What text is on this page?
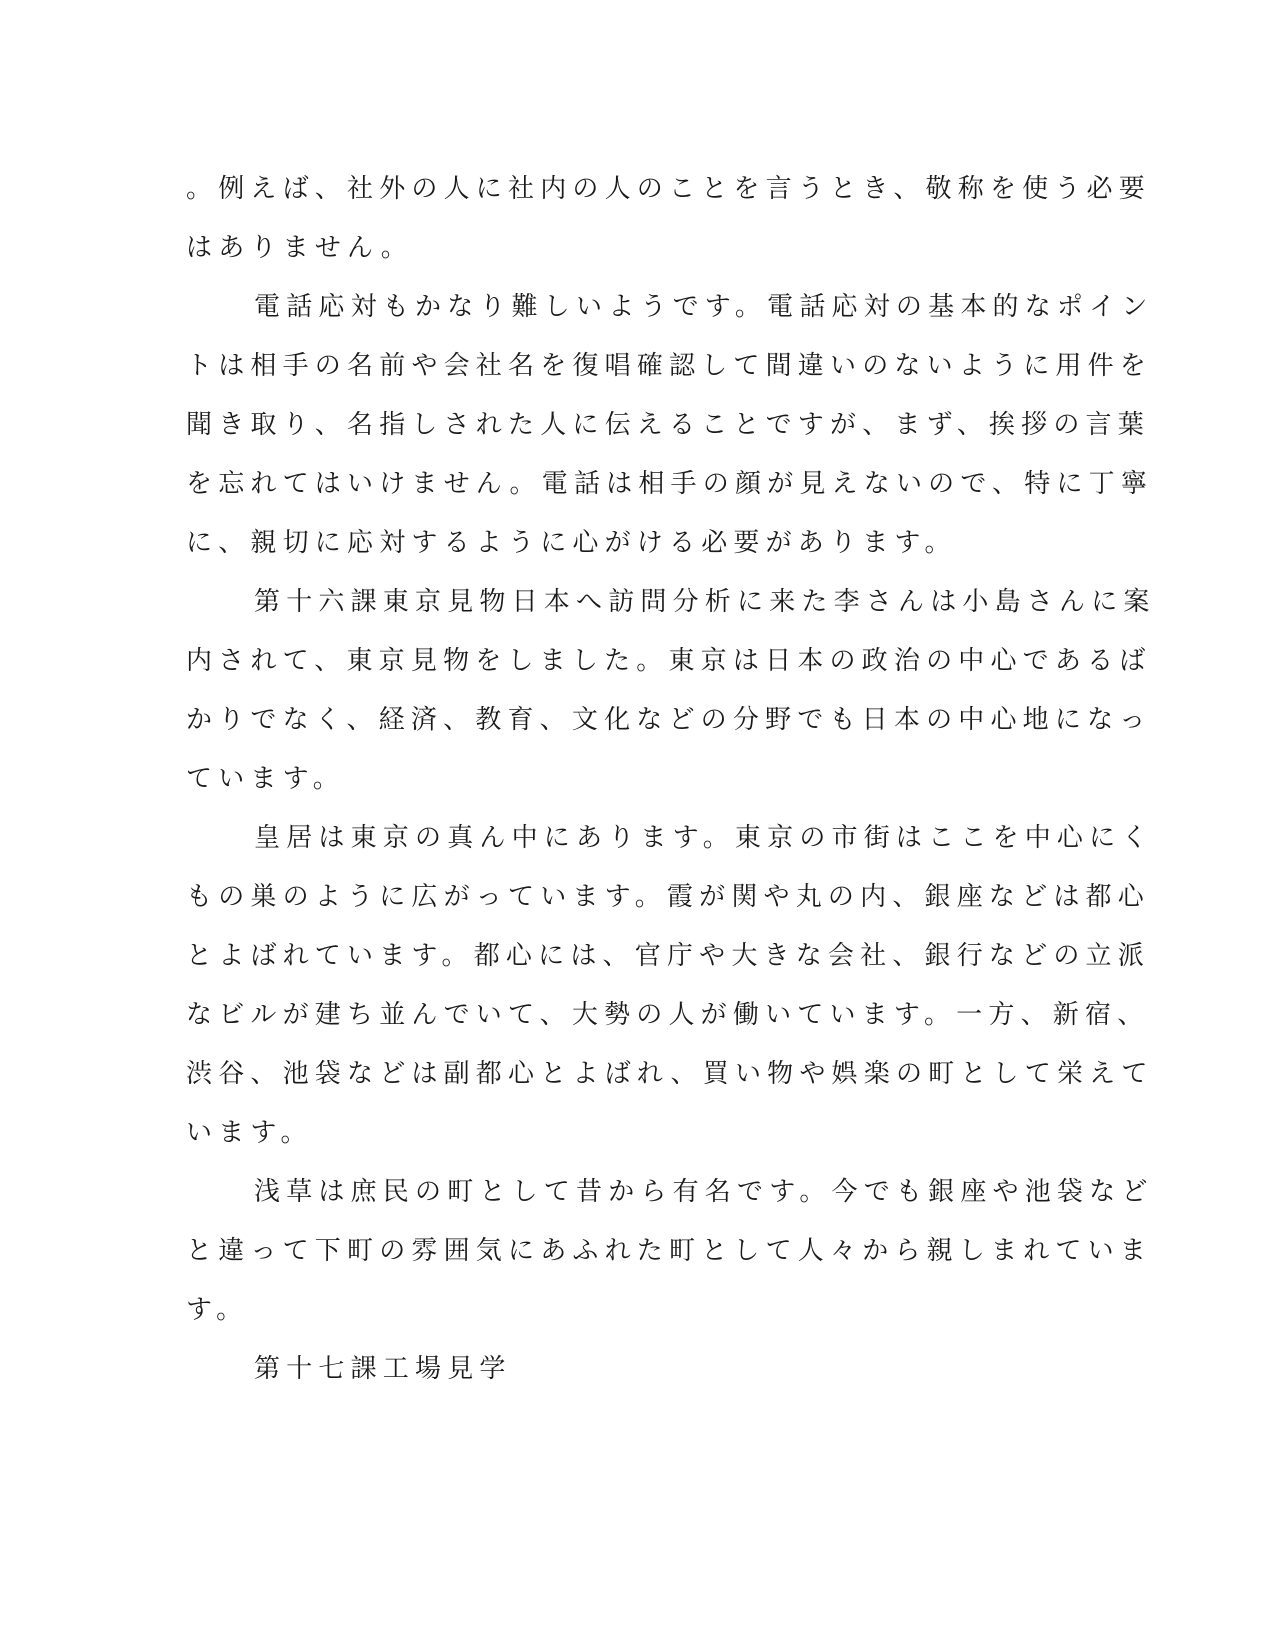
。例えば、社外の人に社内の人のことを言うとき、敬称を使う必要
はありません。
電話応対もかなり難しいようです。電話応対の基本的なポイン
トは相手の名前や会社名を復唱確認して間違いのないように用件を
聞き取り、名指しされた人に伝えることですが、まず、挨拶の言葉
を忘れてはいけません。電話は相手の顔が見えないので、特に丁寧
に、親切に応対するように心がける必要があります。
第十六課東京見物日本へ訪問分析に来た李さんは小島さんに案
内されて、東京見物をしました。東京は日本の政治の中心であるば
かりでなく、経済、教育、文化などの分野でも日本の中心地になっ
ています。
皇居は東京の真ん中にあります。東京の市街はここを中心にく
もの巣のように広がっています。霞が関や丸の内、銀座などは都心
とよばれています。都心には、官庁や大きな会社、銀行などの立派
なビルが建ち並んでいて、大勢の人が働いています。一方、新宿、
渋谷、池袋などは副都心とよばれ、買い物や娯楽の町として栄えて
います。
浅草は庶民の町として昔から有名です。今でも銀座や池袋など
と違って下町の雰囲気にあふれた町として人々から親しまれていま
す。
第十七課工場見学
